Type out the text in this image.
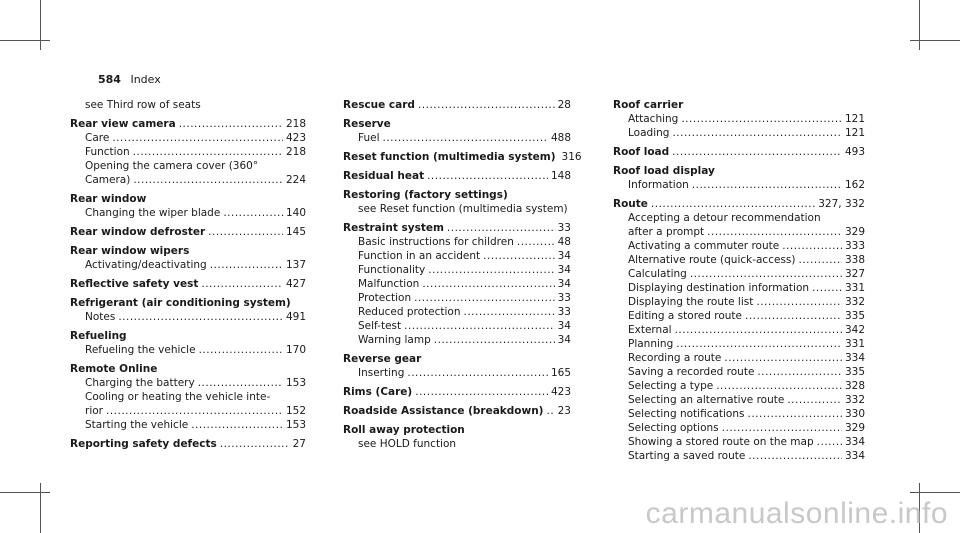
584 Index
see Third row of seats
Rear view camera .....	218
Care .....	423
Function .....	218
Opening the camera cover (360°
Camera) .....	224
Rear window
Changing the wiper blade .....	140
Rear window defroster .....	145
Rear window wipers
Activating/deactivating .....	137
Reflective safety vest .....	427
Refrigerant (air conditioning system)
Notes .....	491
Refueling
Refueling the vehicle .....	170
Remote Online
Charging the battery .....	153
Cooling or heating the vehicle inte-
rior .....	152
Starting the vehicle .....	153
Reporting safety defects .....	27
Rescue card .....	28
Reserve
Fuel .....	488
Reset function (multimedia system) 316
Residual heat .....	148
Restoring (factory settings)
see Reset function (multimedia system)
Restraint system .....	33
Basic instructions for children .....	48
Function in an accident .....	34
Functionality .....	34
Malfunction .....	34
Protection .....	33
Reduced protection .....	33
Self-test .....	34
Warning lamp .....	34
Reverse gear
Inserting .....	165
Rims (Care) .....	423
Roadside Assistance (breakdown) ..... 23
Roll away protection
see HOLD function
Roof carrier
Attaching .....	121
Loading .....	121
Roof load .....	493
Roof load display
Information .....	162
Route .....	327, 332
Accepting a detour recommendation
after a prompt .....	329
Activating a commuter route .....	333
Alternative route (quick-access) .....	338
Calculating .....	327
Displaying destination information .....	331
Displaying the route list .....	332
Editing a stored route .....	335
External .....	342
Planning .....	331
Recording a route .....	334
Saving a recorded route .....	335
Selecting a type .....	328
Selecting an alternative route .....	332
Selecting notifications .....	330
Selecting options .....	329
Showing a stored route on the map .....	334
Starting a saved route .....	334
carmanualsonline.info
